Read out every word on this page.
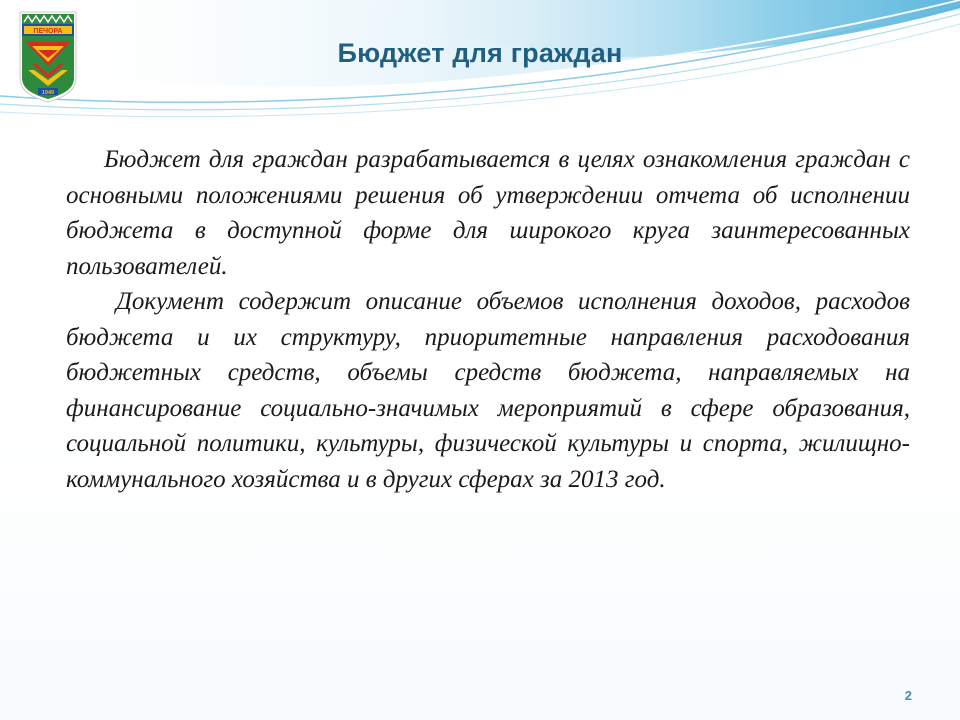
ПЕЧОРА
1949
Бюджет для граждан

Бюджет для граждан разрабатывается в целях ознакомления граждан с основными положениями решения об утверждении отчета об исполнении бюджета в доступной форме для широкого круга заинтересованных пользователей.

Документ содержит описание объемов исполнения доходов, расходов бюджета и их структуру, приоритетные направления расходования бюджетных средств, объемы средств бюджета, направляемых на финансирование социально-значимых мероприятий в сфере образования, социальной политики, культуры, физической культуры и спорта, жилищно-коммунального хозяйства и в других сферах за 2013 год.

2
